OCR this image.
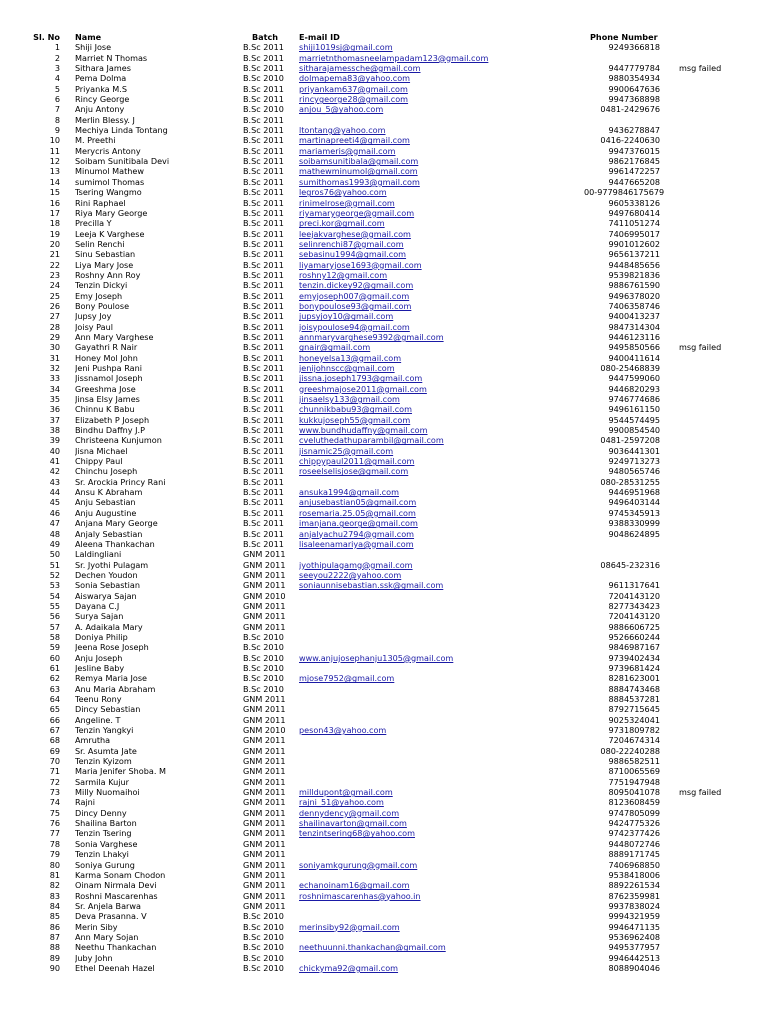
Sl. No Name	Batch	E-mail ID	Phone Number
1 Shiji Jose	B.Sc 2011	shiji1019sj@gmail.com	9249366818
2 Marriet N Thomas	B.Sc 2011	marrietnthomasneelampadam123@gmail.com
3 Sithara James	B.Sc 2011	sitharajamessche@gmail.com	9447779784 msg failed
4 Pema Dolma	B.Sc 2010	dolmapema83@yahoo.com	9880354934
5 Priyanka M.S	B.Sc 2011	priyankam637@gmail.com	9900647636
6 Rincy George	B.Sc 2011	rincygeorge28@gmail.com	9947368898
7 Anju Antony	B.Sc 2010	anjou_5@yahoo.com	0481-2429676
8 Merlin Blessy. J	B.Sc 2011
9 Mechiya Linda Tontang	B.Sc 2011	ltontang@yahoo.com	9436278847
10 M. Preethi	B.Sc 2011	martinapreeti4@gmail.com	0416-2240630
11 Merycris Antony	B.Sc 2011	mariameris@gmail.com	9947376015
12 Soibam Sunitibala Devi	B.Sc 2011	soibamsunitibala@gmail.com	9862176845
13 Minumol Mathew	B.Sc 2011	mathewminumol@gmail.com	9961472257
14 sumimol Thomas	B.Sc 2011	sumithomas1993@gmail.com	9447665208
15 Tsering Wangmo	B.Sc 2011	legros76@yahoo.com	00-9779846175679
16 Rini Raphael	B.Sc 2011	rinimelrose@gmail.com	9605338126
17 Riya Mary George	B.Sc 2011	riyamarygeorge@gmail.com	9497680414
18 Precilla Y	B.Sc 2011	preci.kor@gmail.com	7411051274
19 Leeja K Varghese	B.Sc 2011	leejakvarghese@gmail.com	7406995017
20 Selin Renchi	B.Sc 2011	selinrenchi87@gmail.com	9901012602
21 Sinu Sebastian	B.Sc 2011	sebasinu1994@gmail.com	9656137211
22 Liya Mary Jose	B.Sc 2011	liyamaryjose1693@gmail.com	9448485656
23 Roshny Ann Roy	B.Sc 2011	roshny12@gmail.com	9539821836
24 Tenzin Dickyi	B.Sc 2011	tenzin.dickey92@gmail.com	9886761590
25 Emy Joseph	B.Sc 2011	emyjoseph007@gmail.com	9496378020
26 Bony Poulose	B.Sc 2011	bonypoulose93@gmail.com	7406358746
27 Jupsy Joy	B.Sc 2011	jupsyjoy10@gmail.com	9400413237
28 Joisy Paul	B.Sc 2011	joisypoulose94@gmail.com	9847314304
29 Ann Mary Varghese	B.Sc 2011	annmaryvarghese9392@gmail.com	9446123116
30 Gayathri R Nair	B.Sc 2011	gnair@gmail.com	9495850566 msg failed
31 Honey Mol John	B.Sc 2011	honeyelsa13@gmail.com	9400411614
32 Jeni Pushpa Rani	B.Sc 2011	jenijohnscc@gmail.com	080-25468839
33 Jissnamol Joseph	B.Sc 2011	jissna.joseph1793@gmail.com	9447599060
34 Greeshma Jose	B.Sc 2011	greeshmajose2011@gmail.com	9446820293
35 Jinsa Elsy James	B.Sc 2011	jinsaelsy133@gmail.com	9746774686
36 Chinnu K Babu	B.Sc 2011	chunnikbabu93@gmail.com	9496161150
37 Elizabeth P Joseph	B.Sc 2011	kukkujoseph55@gmail.com	9544574495
38 Bindhu Daffny J.P	B.Sc 2011	www.bundhudaffny@gmail.com	9900854540
39 Christeena Kunjumon	B.Sc 2011	cveluthedathuparambil@gmail.com	0481-2597208
40 Jisna Michael	B.Sc 2011	jisnamic25@gmail.com	9036441301
41 Chippy Paul	B.Sc 2011	chippypaul2011@gmail.com	9249713273
42 Chinchu Joseph	B.Sc 2011	roseelselisjose@gmail.com	9480565746
43 Sr. Arockia Princy Rani	B.Sc 2011	080-28531255
44 Ansu K Abraham	B.Sc 2011	ansuka1994@gmail.com	9446951968
45 Anju Sebastian	B.Sc 2011	anjusebastian05@gmail.com	9496403144
46 Anju Augustine	B.Sc 2011	rosemaria.25.05@gmail.com	9745345913
47 Anjana Mary George	B.Sc 2011	imanjana.george@gmail.com	9388330999
48 Anjaly Sebastian	B.Sc 2011	anjalyachu2794@gmail.com	9048624895
49 Aleena Thankachan	B.Sc 2011	lisaleenamariya@gmail.com
50 Laldingliani	GNM 2011
51 Sr. Jyothi Pulagam	GNM 2011	jyothipulagamg@gmail.com	08645-232316
52 Dechen Youdon	GNM 2011	seeyou2222@yahoo.com
53 Sonia Sebastian	GNM 2011	soniaunnisebastian.ssk@gmail.com	9611317641
54 Aiswarya Sajan	GNM 2010	7204143120
55 Dayana C.J	GNM 2011	8277343423
56 Surya Sajan	GNM 2011	7204143120
57 A. Adaikala Mary	GNM 2011	9886606725
58 Doniya Philip	B.Sc 2010	9526660244
59 Jeena Rose Joseph	B.Sc 2010	9846987167
60 Anju Joseph	B.Sc 2010	www.anjujosephanju1305@gmail.com	9739402434
61 Jesline Baby	B.Sc 2010	9739681424
62 Remya Maria Jose	B.Sc 2010	mjose7952@gmail.com	8281623001
63 Anu Maria Abraham	B.Sc 2010	8884743468
64 Teenu Rony	GNM 2011	8884537281
65 Dincy Sebastian	GNM 2011	8792715645
66 Angeline. T	GNM 2011	9025324041
67 Tenzin Yangkyi	GNM 2010	peson43@yahoo.com	9731809782
68 Amrutha	GNM 2011	7204674314
69 Sr. Asumta Jate	GNM 2011	080-22240288
70 Tenzin Kyizom	GNM 2011	9886582511
71 Maria Jenifer Shoba. M	GNM 2011	8710065569
72 Sarmila Kujur	GNM 2011	7751947948
73 Milly Nuomaihoi	GNM 2011	milldupont@gmail.com	8095041078 msg failed
74 Rajni	GNM 2011	rajni_51@yahoo.com	8123608459
75 Dincy Denny	GNM 2011	dennydency@gmail.com	9747805099
76 Shailina Barton	GNM 2011	shailinavarton@gmail.com	9424775326
77 Tenzin Tsering	GNM 2011	tenzintsering68@yahoo.com	9742377426
78 Sonia Varghese	GNM 2011	9448072746
79 Tenzin Lhakyi	GNM 2011	8889171745
80 Soniya Gurung	GNM 2011	soniyamkgurung@gmail.com	7406968850
81 Karma Sonam Chodon	GNM 2011	9538418006
82 Oinam Nirmala Devi	GNM 2011	echanoinam16@gmail.com	8892261534
83 Roshni Mascarenhas	GNM 2011	roshnimascarenhas@yahoo.in	8762359981
84 Sr. Anjela Barwa	GNM 2011	9937838024
85 Deva Prasanna. V	B.Sc 2010	9994321959
86 Merin Siby	B.Sc 2010	merinsiby92@gmail.com	9946471135
87 Ann Mary Sojan	B.Sc 2010	9536962408
88 Neethu Thankachan	B.Sc 2010	neethuunni.thankachan@gmail.com	9495377957
89 Juby John	B.Sc 2010	9946442513
90 Ethel Deenah Hazel	B.Sc 2010	chickyma92@gmail.com	8088904046
